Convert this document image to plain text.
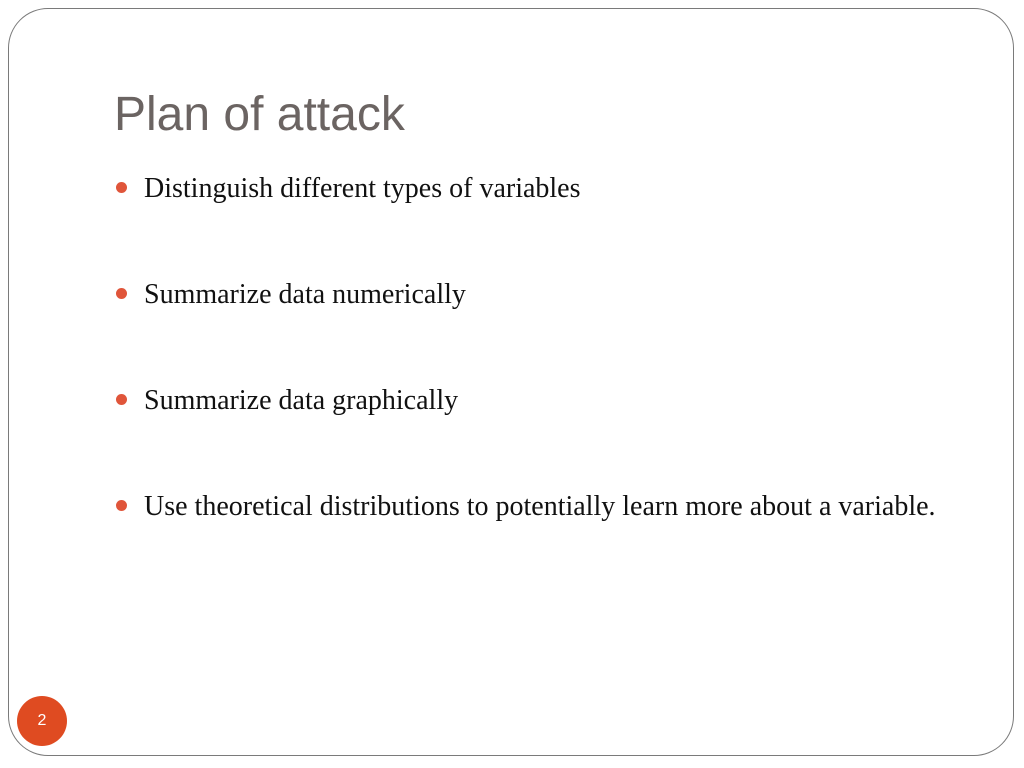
Plan of attack
Distinguish different types of variables
Summarize data numerically
Summarize data graphically
Use theoretical distributions to potentially learn more about a variable.
2
